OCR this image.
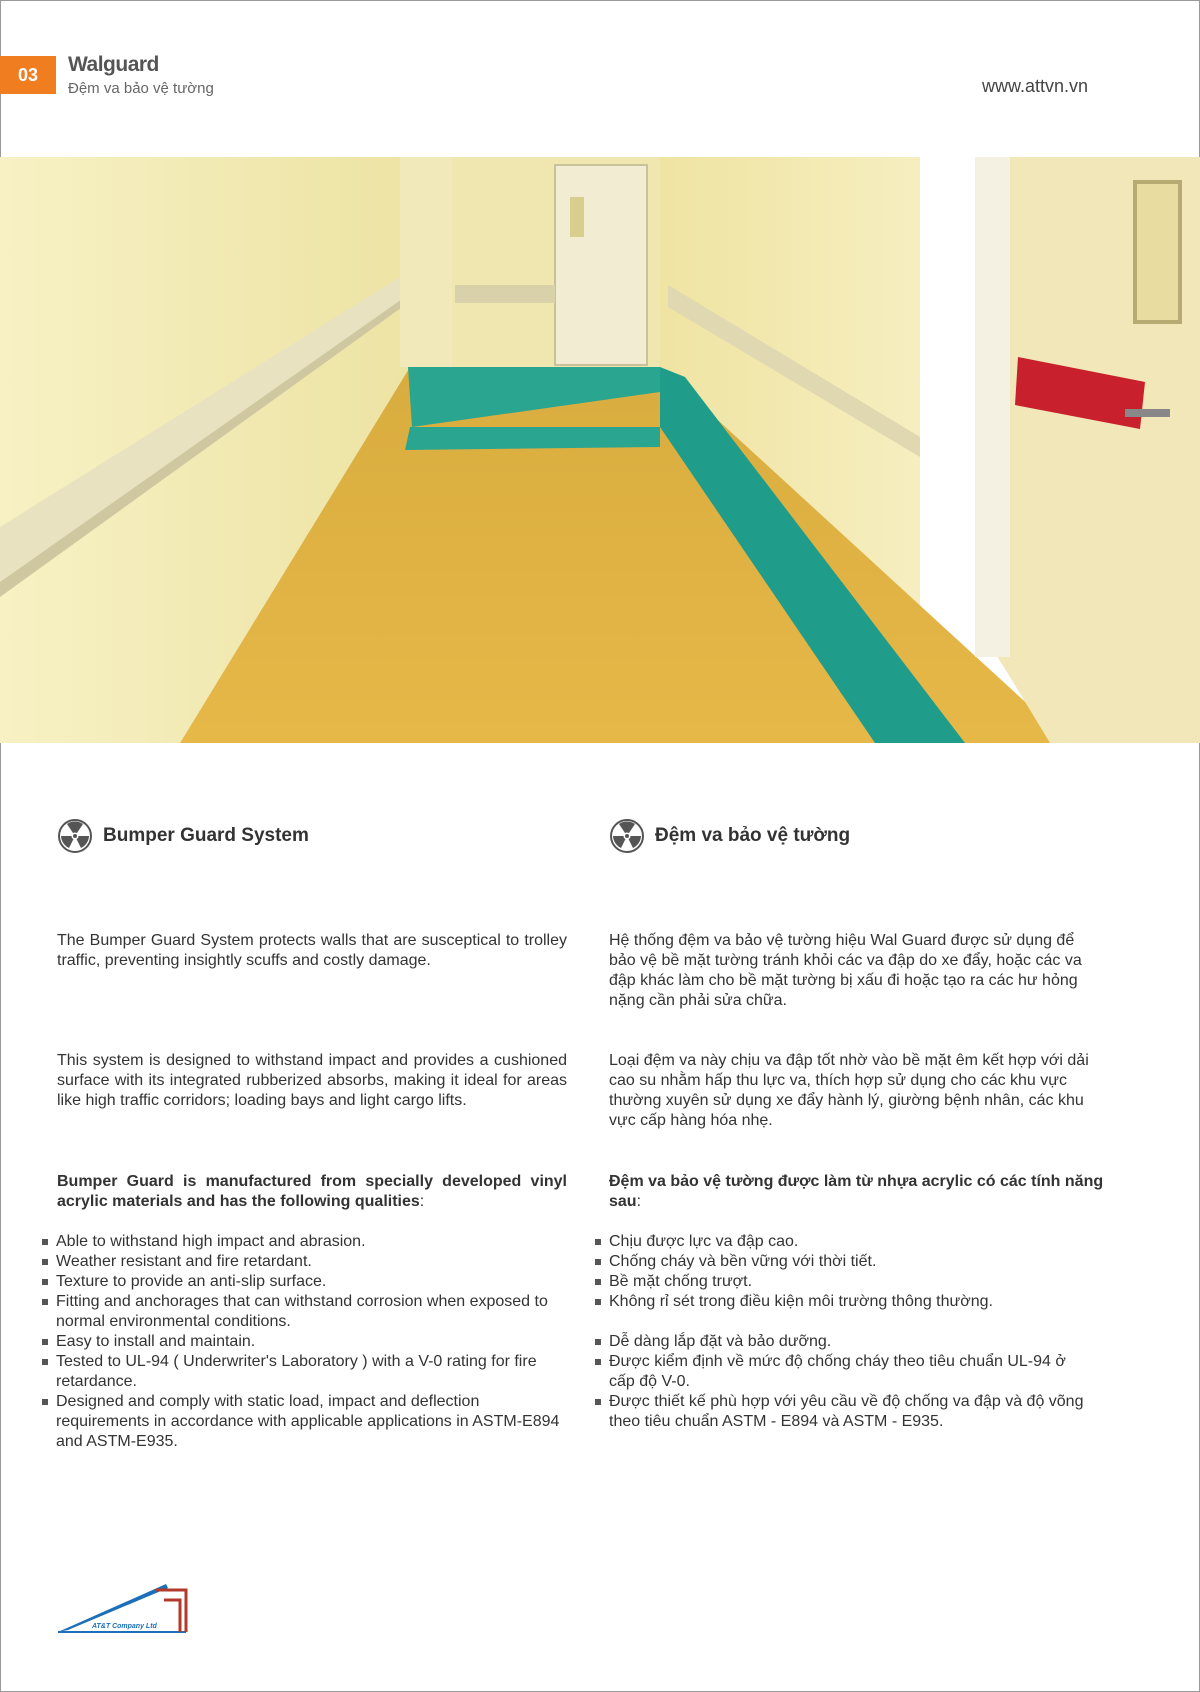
03	Walguard
Đệm va bảo vệ tường	www.attvn.vn
Bumper Guard System
The Bumper Guard System protects walls that are susceptical to trolley traffic, preventing insightly scuffs and costly damage.
This system is designed to withstand impact and provides a cushioned surface with its integrated rubberized absorbs, making it ideal for areas like high traffic corridors; loading bays and light cargo lifts.
Bumper Guard is manufactured from specially developed vinyl acrylic materials and has the following qualities:
Able to withstand high impact and abrasion.
Weather resistant and fire retardant.
Texture to provide an anti-slip surface.
Fitting and anchorages that can withstand corrosion when exposed to normal environmental conditions.
Easy to install and maintain.
Tested to UL-94 ( Underwriter's Laboratory ) with a V-0 rating for fire retardance.
Designed and comply with static load, impact and deflection requirements in accordance with applicable applications in ASTM-E894 and ASTM-E935.
Đệm va bảo vệ tường
Hệ thống đệm va bảo vệ tường hiệu Wal Guard được sử dụng để bảo vệ bề mặt tường tránh khỏi các va đập do xe đẩy, hoặc các va đập khác làm cho bề mặt tường bị xấu đi hoặc tạo ra các hư hỏng nặng cần phải sửa chữa.
Loại đệm va này chịu va đập tốt nhờ vào bề mặt êm kết hợp với dải cao su nhằm hấp thu lực va, thích hợp sử dụng cho các khu vực thường xuyên sử dụng xe đẩy hành lý, giường bệnh nhân, các khu vực cấp hàng hóa nhẹ.
Đệm va bảo vệ tường được làm từ nhựa acrylic có các tính năng sau:
Chịu được lực va đập cao.
Chống cháy và bền vững với thời tiết.
Bề mặt chống trượt.
Không rỉ sét trong điều kiện môi trường thông thường.
Dễ dàng lắp đặt và bảo dưỡng.
Được kiểm định về mức độ chống cháy theo tiêu chuẩn UL-94 ở cấp độ V-0.
Được thiết kế phù hợp với yêu cầu về độ chống va đập và độ võng theo tiêu chuẩn ASTM - E894 và ASTM - E935.
AT&T Company Ltd
